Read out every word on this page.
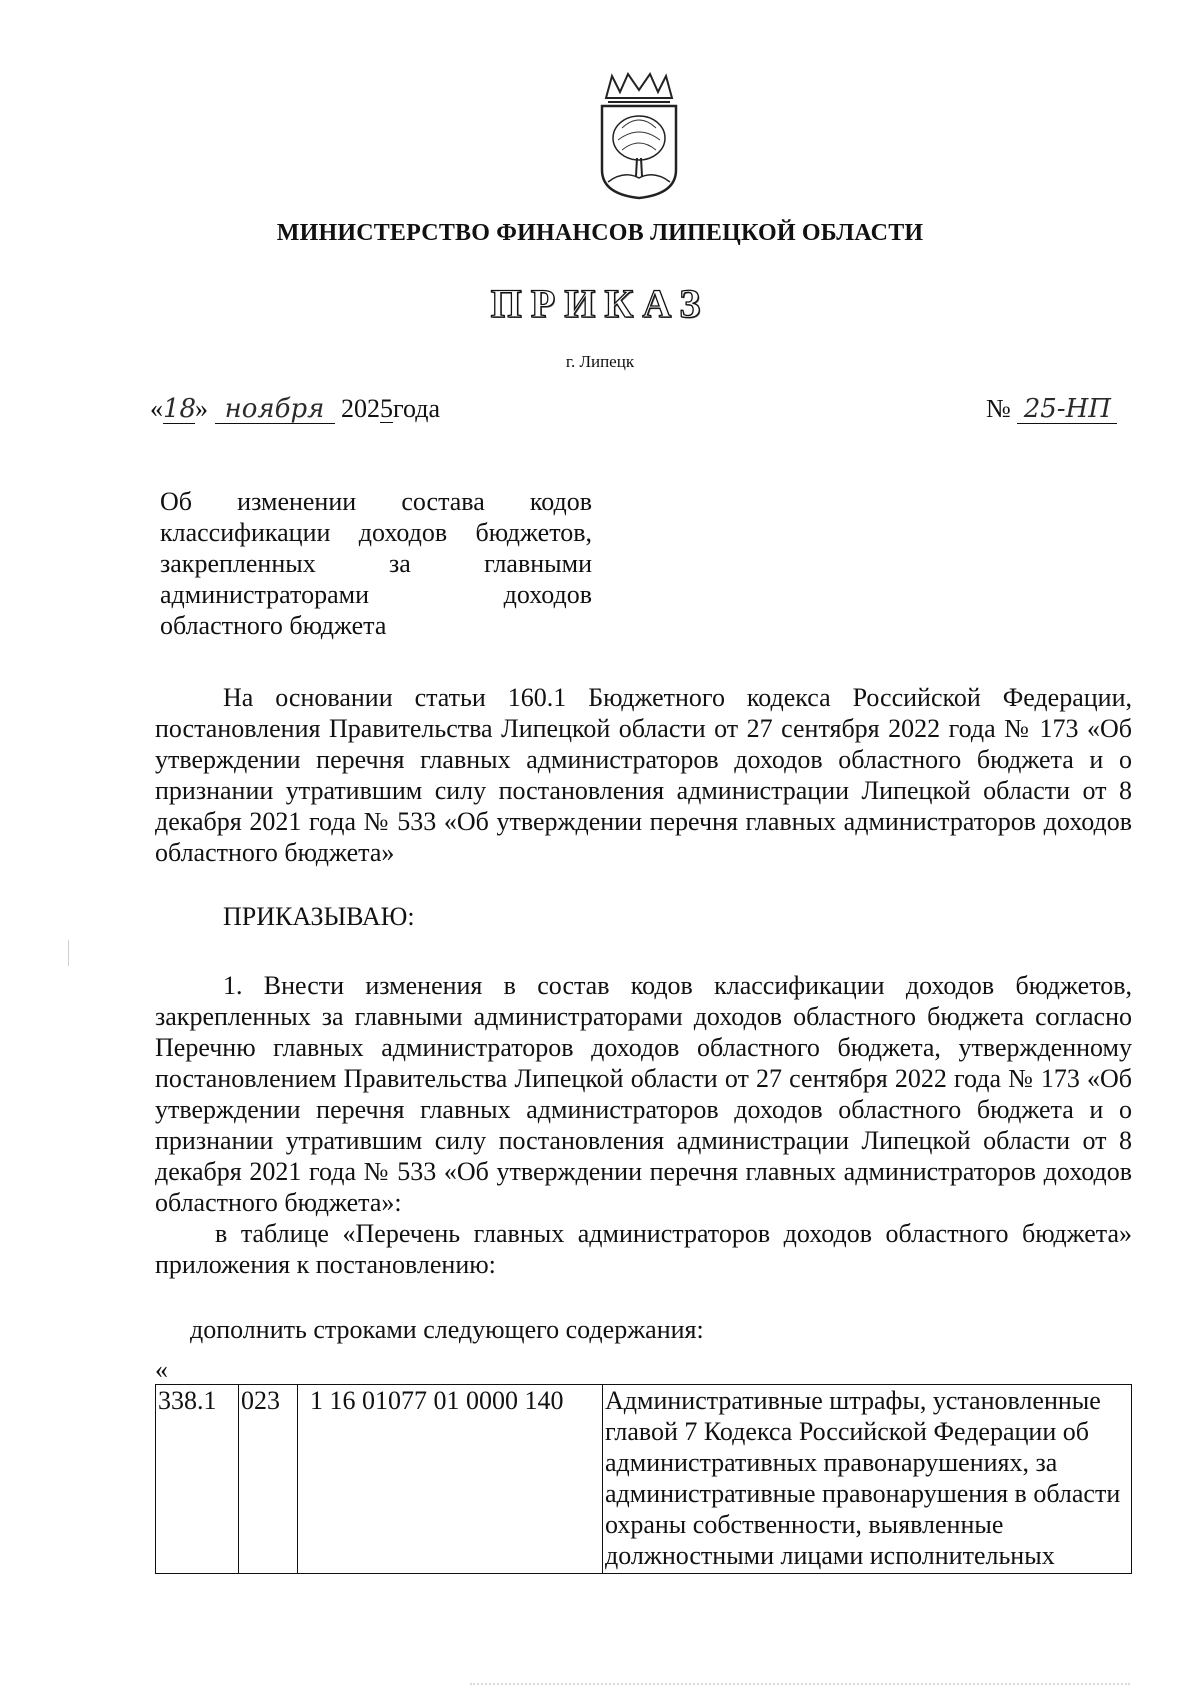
МИНИСТЕРСТВО ФИНАНСОВ ЛИПЕЦКОЙ ОБЛАСТИ
ПРИКАЗ
г. Липецк
«18» ноября 2025года	№ 25-НП
Об изменении состава кодов
классификации доходов бюджетов,
закрепленных за главными
администраторами доходов
областного бюджета
На основании статьи 160.1 Бюджетного кодекса Российской Федерации, постановления Правительства Липецкой области от 27 сентября 2022 года № 173 «Об утверждении перечня главных администраторов доходов областного бюджета и о признании утратившим силу постановления администрации Липецкой области от 8 декабря 2021 года № 533 «Об утверждении перечня главных администраторов доходов областного бюджета»
ПРИКАЗЫВАЮ:
1. Внести изменения в состав кодов классификации доходов бюджетов, закрепленных за главными администраторами доходов областного бюджета согласно Перечню главных администраторов доходов областного бюджета, утвержденному постановлением Правительства Липецкой области от 27 сентября 2022 года № 173 «Об утверждении перечня главных администраторов доходов областного бюджета и о признании утратившим силу постановления администрации Липецкой области от 8 декабря 2021 года № 533 «Об утверждении перечня главных администраторов доходов областного бюджета»:
в таблице «Перечень главных администраторов доходов областного бюджета» приложения к постановлению:
дополнить строками следующего содержания:
«
338.1	023	1 16 01077 01 0000 140	Административные штрафы, установленные главой 7 Кодекса Российской Федерации об административных правонарушениях, за административные правонарушения в области охраны собственности, выявленные должностными лицами исполнительных
